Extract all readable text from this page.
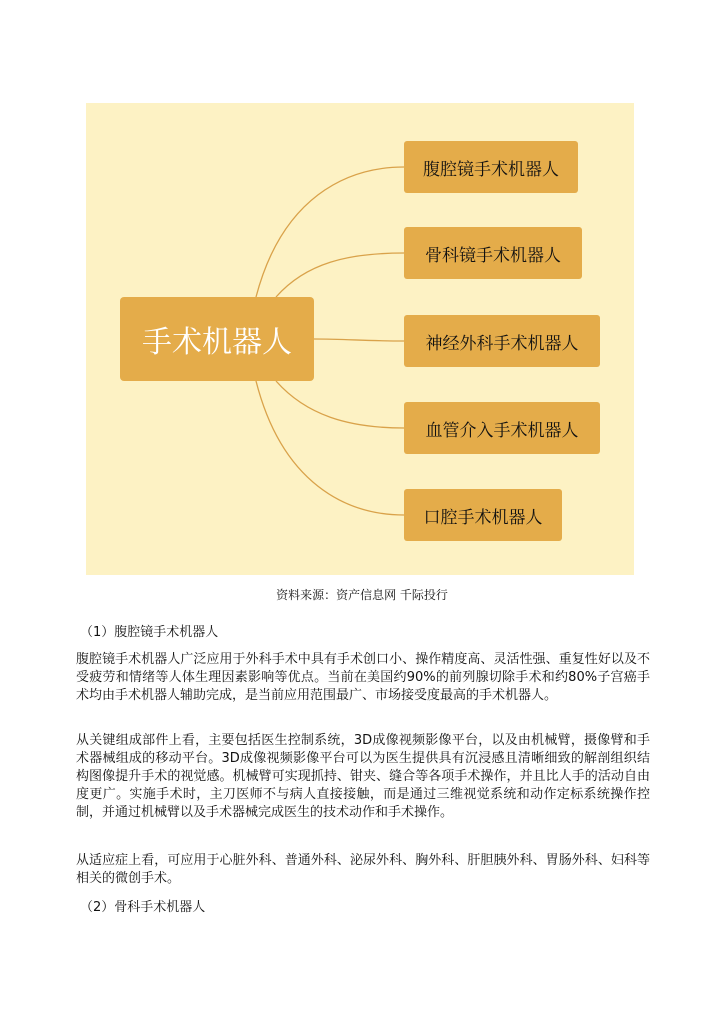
手术机器人
腹腔镜手术机器人
骨科镜手术机器人
神经外科手术机器人
血管介入手术机器人
口腔手术机器人
资料来源：资产信息网 千际投行
（1）腹腔镜手术机器人

腹腔镜手术机器人广泛应用于外科手术中具有手术创口小、操作精度高、灵活性强、重复性好以及不受疲劳和情绪等人体生理因素影响等优点。当前在美国约90%的前列腺切除手术和约80%子宫癌手术均由手术机器人辅助完成，是当前应用范围最广、市场接受度最高的手术机器人。

从关键组成部件上看，主要包括医生控制系统，3D成像视频影像平台，以及由机械臂，摄像臂和手术器械组成的移动平台。3D成像视频影像平台可以为医生提供具有沉浸感且清晰细致的解剖组织结构图像提升手术的视觉感。机械臂可实现抓持、钳夹、缝合等各项手术操作，并且比人手的活动自由度更广。实施手术时，主刀医师不与病人直接接触，而是通过三维视觉系统和动作定标系统操作控制，并通过机械臂以及手术器械完成医生的技术动作和手术操作。

从适应症上看，可应用于心脏外科、普通外科、泌尿外科、胸外科、肝胆胰外科、胃肠外科、妇科等相关的微创手术。

（2）骨科手术机器人
